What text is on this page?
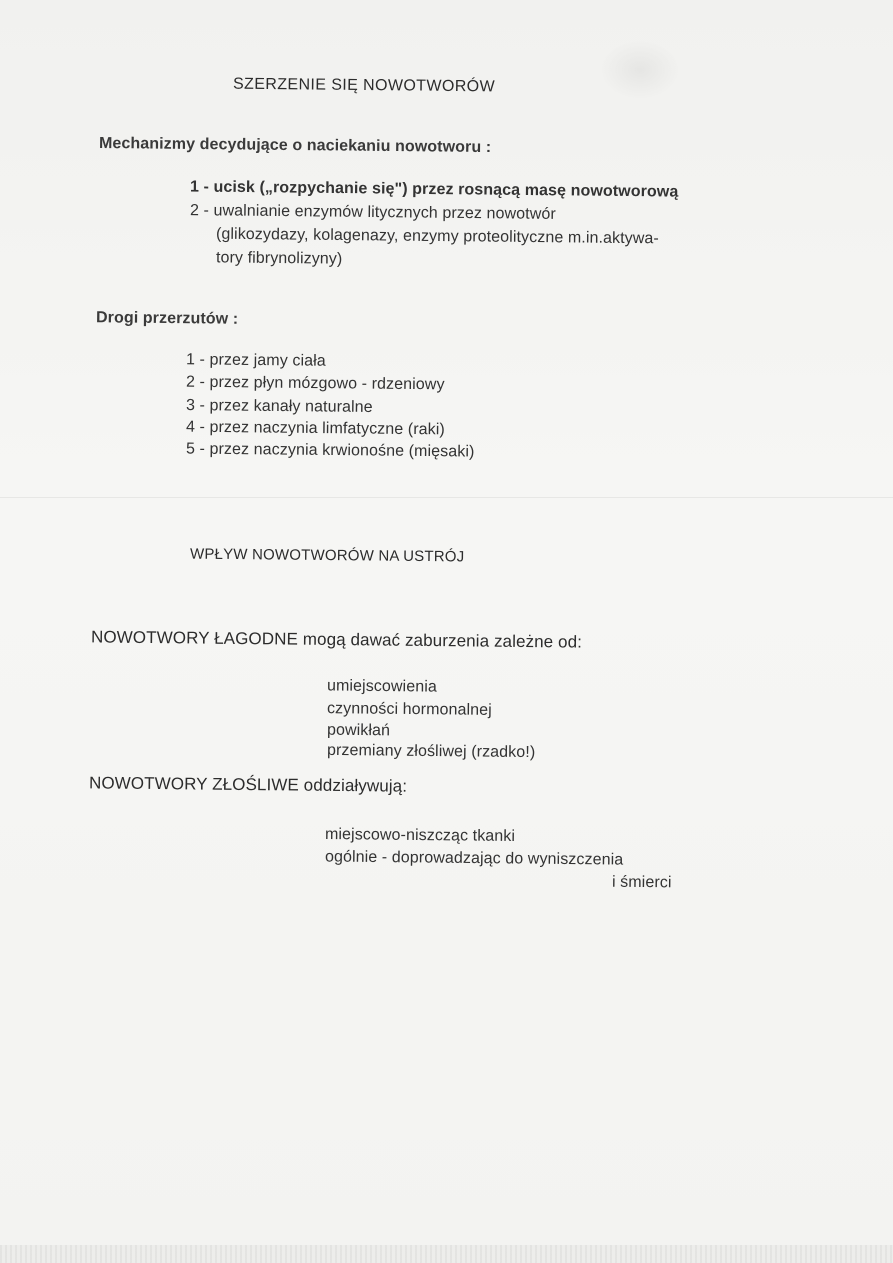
SZERZENIE SIĘ NOWOTWORÓW
Mechanizmy decydujące o naciekaniu nowotworu :
1 - ucisk („rozpychanie się") przez rosnącą masę nowotworową
2 - uwalnianie enzymów litycznych przez nowotwór
(glikozydazy, kolagenazy, enzymy proteolityczne m.in.aktywa-
tory fibrynolizyny)
Drogi przerzutów :
1 - przez jamy ciała
2 - przez płyn mózgowo - rdzeniowy
3 - przez kanały naturalne
4 - przez naczynia limfatyczne (raki)
5 - przez naczynia krwionośne (mięsaki)
WPŁYW NOWOTWORÓW NA USTRÓJ
NOWOTWORY ŁAGODNE mogą dawać zaburzenia zależne od:
umiejscowienia
czynności hormonalnej
powikłań
przemiany złośliwej (rzadko!)
NOWOTWORY ZŁOŚLIWE oddziaływują:
miejscowo-niszcząc tkanki
ogólnie - doprowadzając do wyniszczenia
i śmierci
